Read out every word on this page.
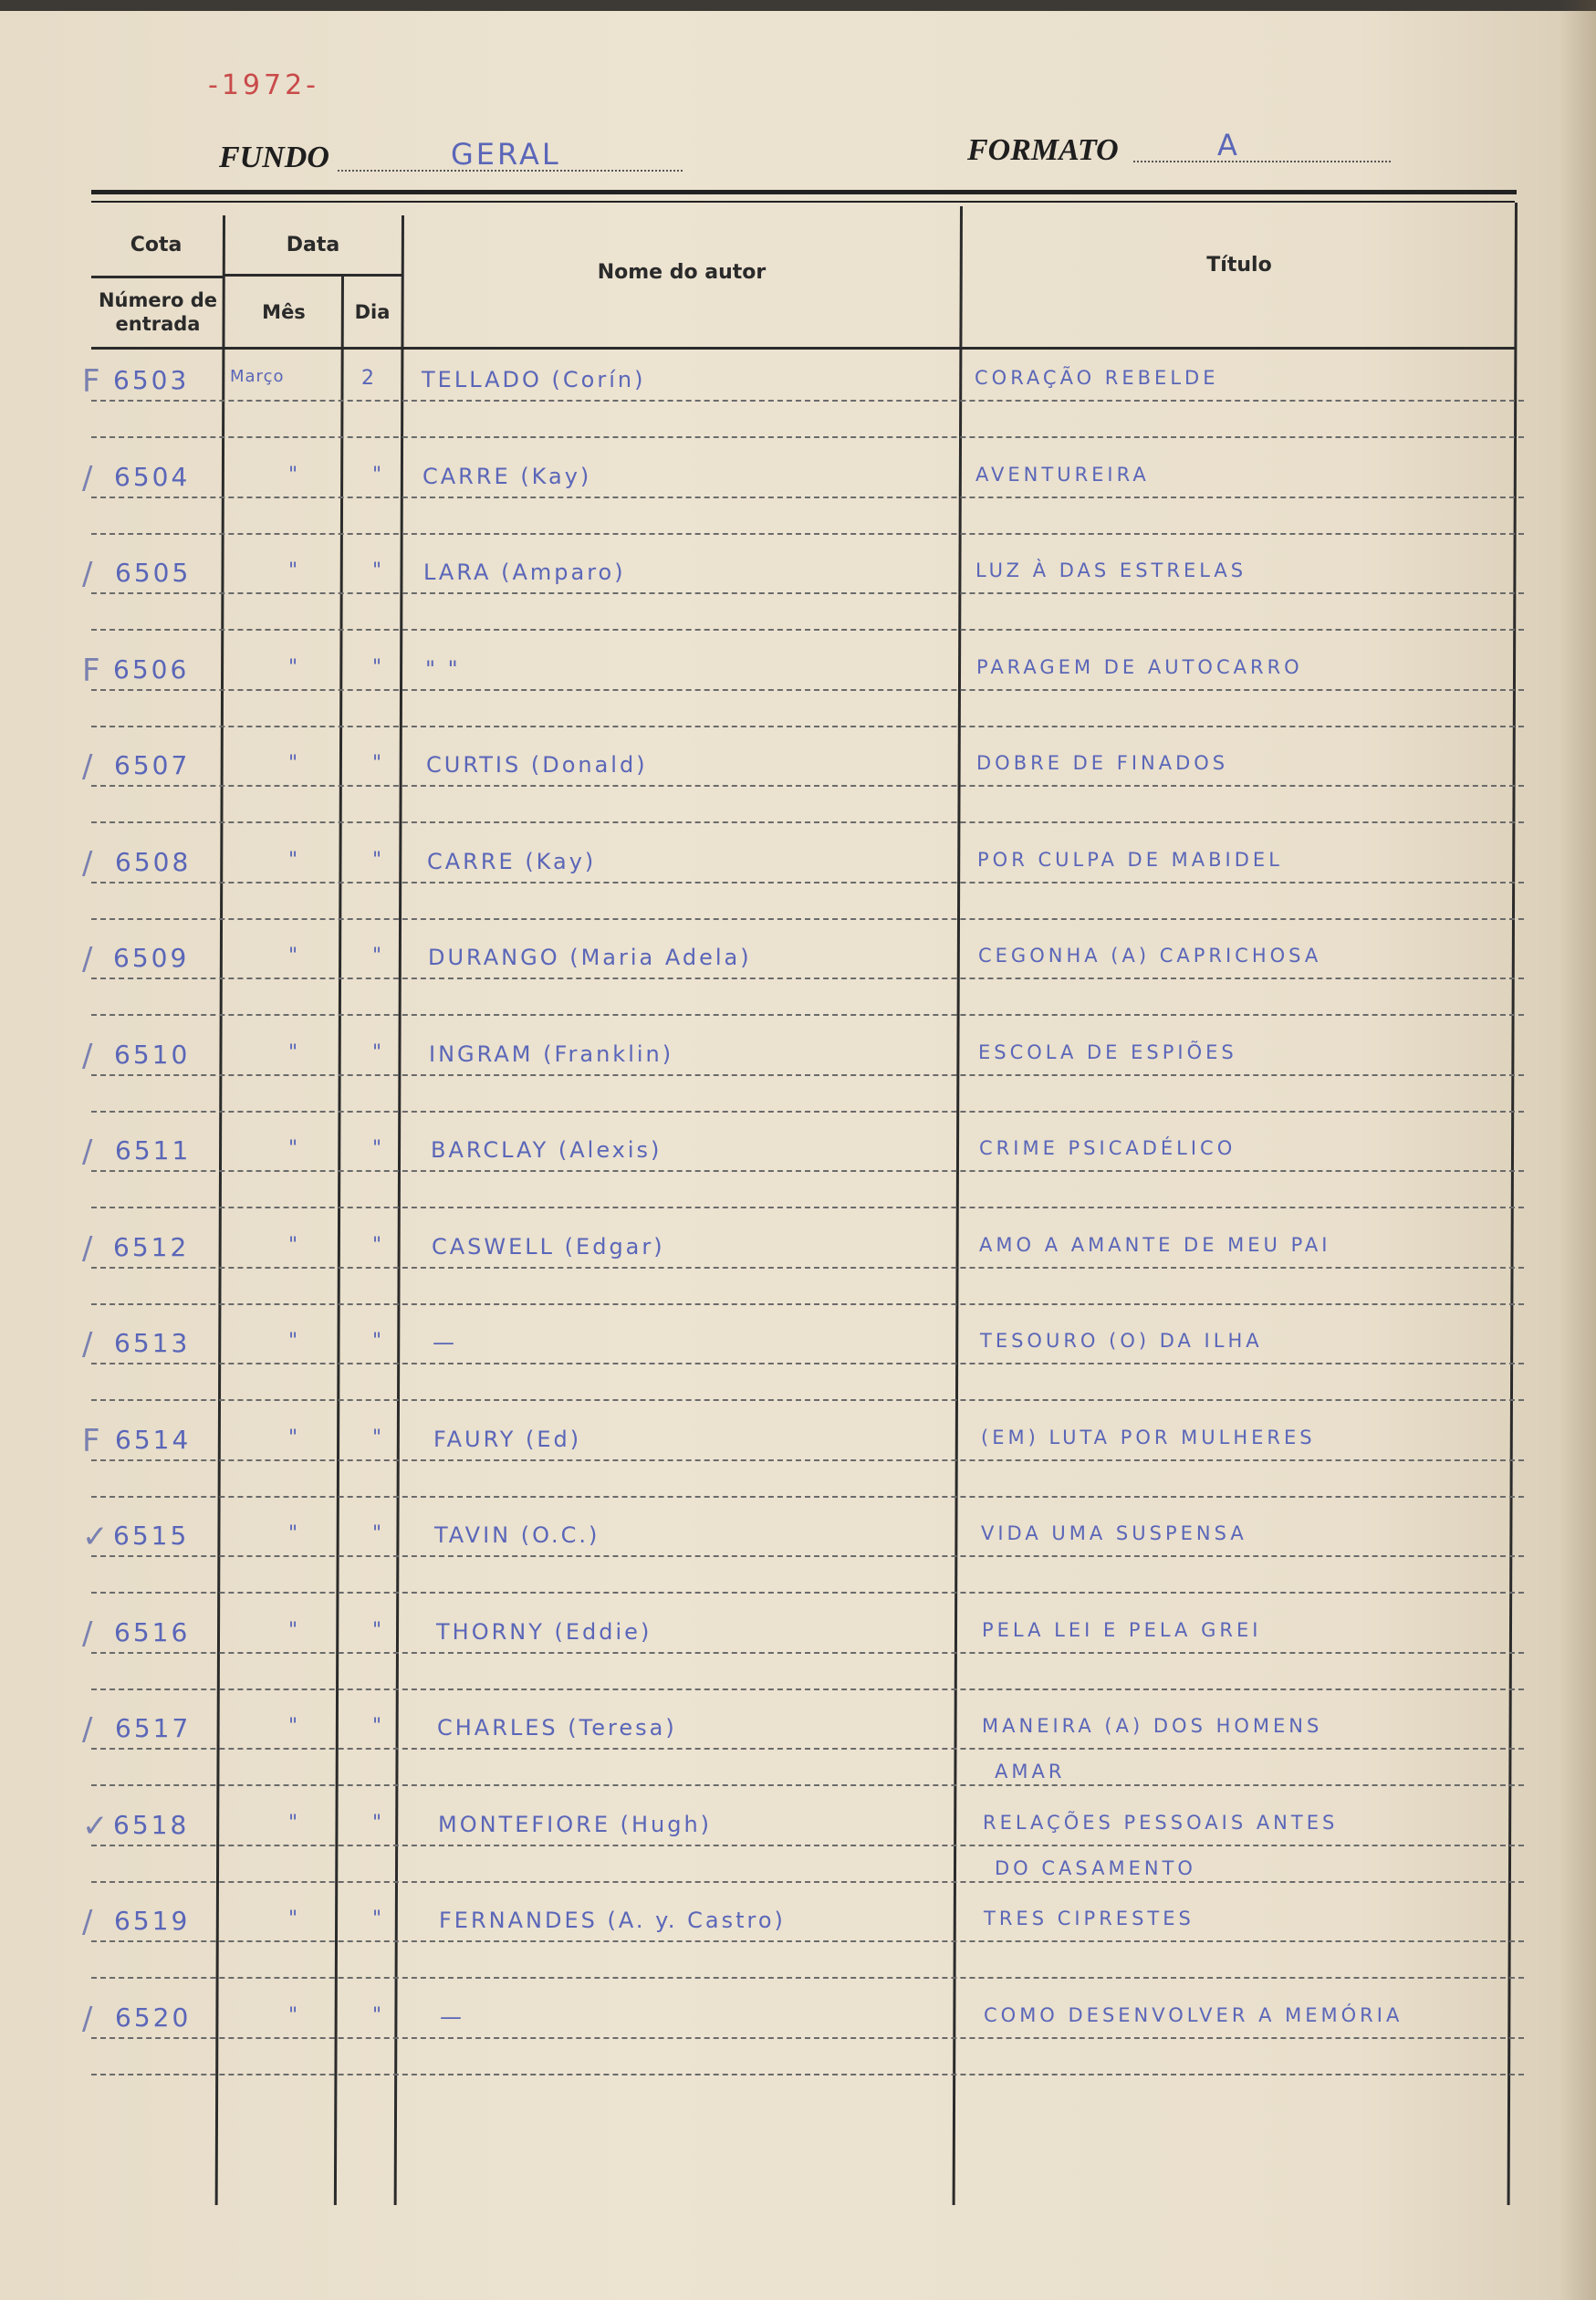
-1972-
FUNDO	GERAL	FORMATO	A
Cota	Data
Número de entrada
Mês	Dia
Nome do autor	Título
F 6503 Março	2 TELLADO (Corín)	CORAÇÃO REBELDE
/ 6504	"	" CARRE (Kay)	AVENTUREIRA
/ 6505	"	" LARA (Amparo)	LUZ À DAS ESTRELAS
F 6506	"	" " "	PARAGEM DE AUTOCARRO
/ 6507	"	" CURTIS (Donald)	DOBRE DE FINADOS
/ 6508	"	" CARRE (Kay)	POR CULPA DE MABIDEL
/ 6509	"	" DURANGO (Maria Adela)	CEGONHA (A) CAPRICHOSA
/ 6510	"	" INGRAM (Franklin)	ESCOLA DE ESPIÕES
/ 6511	"	" BARCLAY (Alexis)	CRIME PSICADÉLICO
/ 6512	"	" CASWELL (Edgar)	AMO A AMANTE DE MEU PAI
/ 6513	"	" —	TESOURO (O) DA ILHA
F 6514	"	" FAURY (Ed)	(EM) LUTA POR MULHERES
✓ 6515	"	" TAVIN (O.C.)	VIDA UMA SUSPENSA
/ 6516	"	" THORNY (Eddie)	PELA LEI E PELA GREI
/ 6517	"	" CHARLES (Teresa)	MANEIRA (A) DOS HOMENS
AMAR
✓ 6518	"	" MONTEFIORE (Hugh)	RELAÇÕES PESSOAIS ANTES
DO CASAMENTO
/ 6519	"	" FERNANDES (A. y. Castro)	TRES CIPRESTES
/ 6520	"	"	—	COMO DESENVOLVER A MEMÓRIA
